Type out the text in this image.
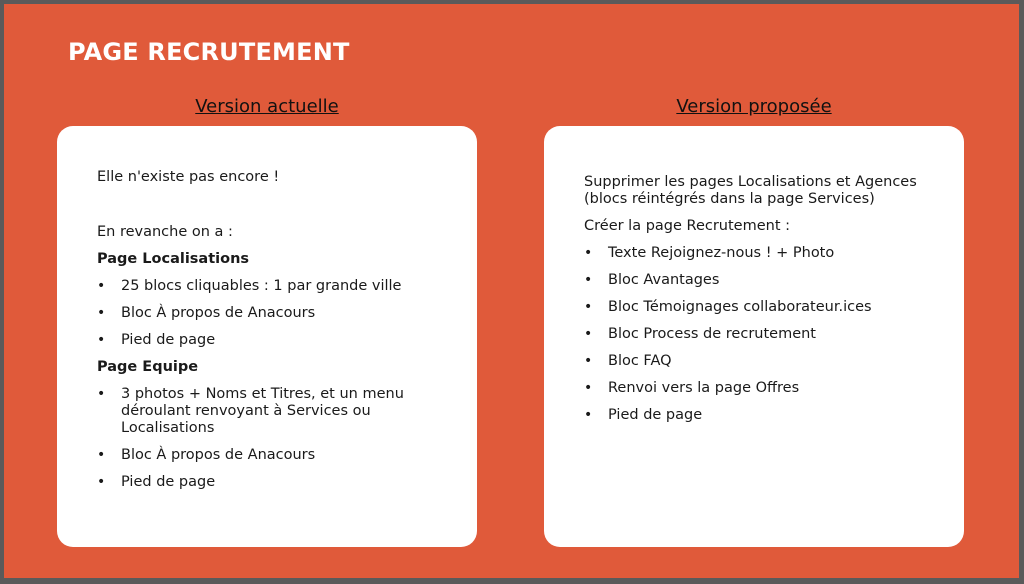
PAGE RECRUTEMENT
Version actuelle	Version proposée

Elle n'existe pas encore !

En revanche on a :

Page Localisations

• 25 blocs cliquables : 1 par grande ville
• Bloc À propos de Anacours
• Pied de page

Page Equipe

• 3 photos + Noms et Titres, et un menu déroulant renvoyant à Services ou Localisations
• Bloc À propos de Anacours
• Pied de page

Supprimer les pages Localisations et Agences (blocs réintégrés dans la page Services)

Créer la page Recrutement :

• Texte Rejoignez-nous ! + Photo
• Bloc Avantages
• Bloc Témoignages collaborateur.ices
• Bloc Process de recrutement
• Bloc FAQ
• Renvoi vers la page Offres
• Pied de page
